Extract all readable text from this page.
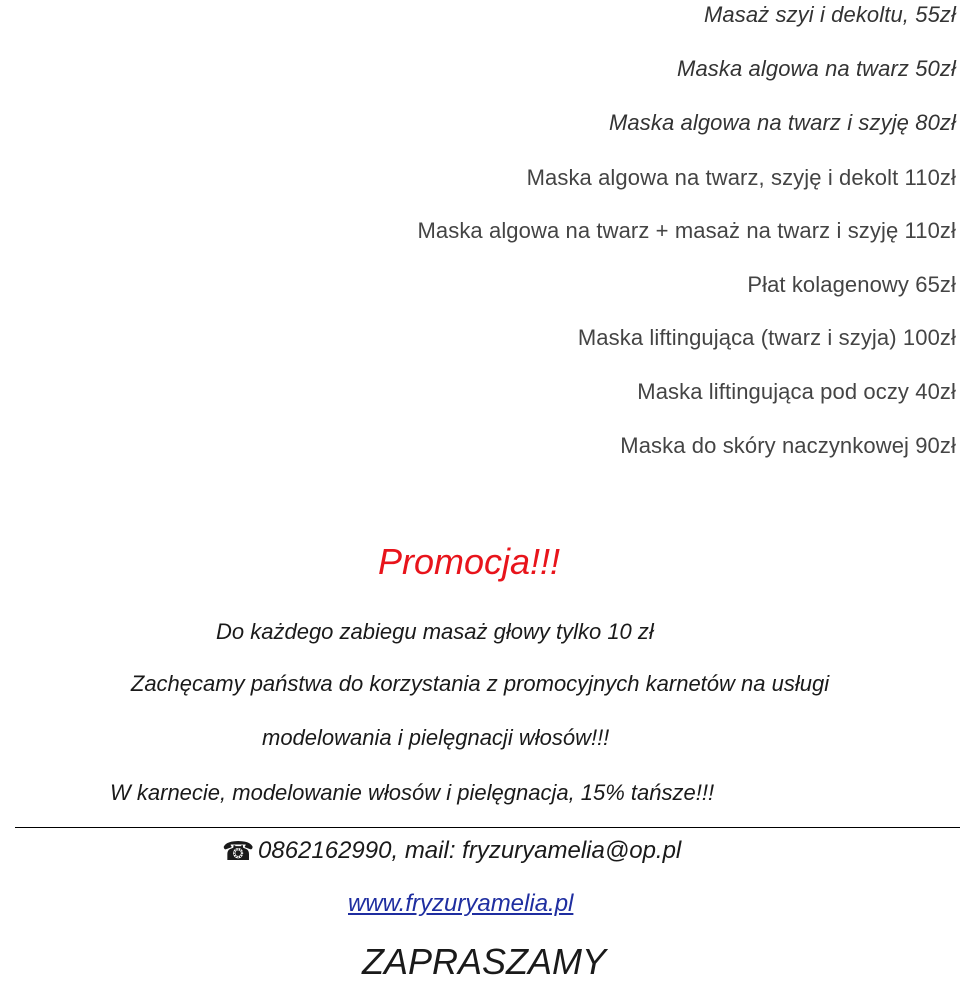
Masaż szyi i dekoltu, 55zł
Maska algowa na twarz 50zł
Maska algowa na twarz i szyję 80zł
Maska algowa na twarz, szyję i dekolt 110zł
Maska algowa na twarz + masaż na twarz i szyję 110zł
Płat kolagenowy 65zł
Maska liftingująca (twarz i szyja) 100zł
Maska liftingująca pod oczy 40zł
Maska do skóry naczynkowej 90zł
Promocja!!!
Do każdego zabiegu masaż głowy tylko 10 zł
Zachęcamy państwa do korzystania z promocyjnych karnetów na usługi
modelowania i pielęgnacji włosów!!!
W karnecie, modelowanie włosów i pielęgnacja, 15% tańsze!!!
☎ 0862162990, mail: fryzuryamelia@op.pl
www.fryzuryamelia.pl
ZAPRASZAMY
